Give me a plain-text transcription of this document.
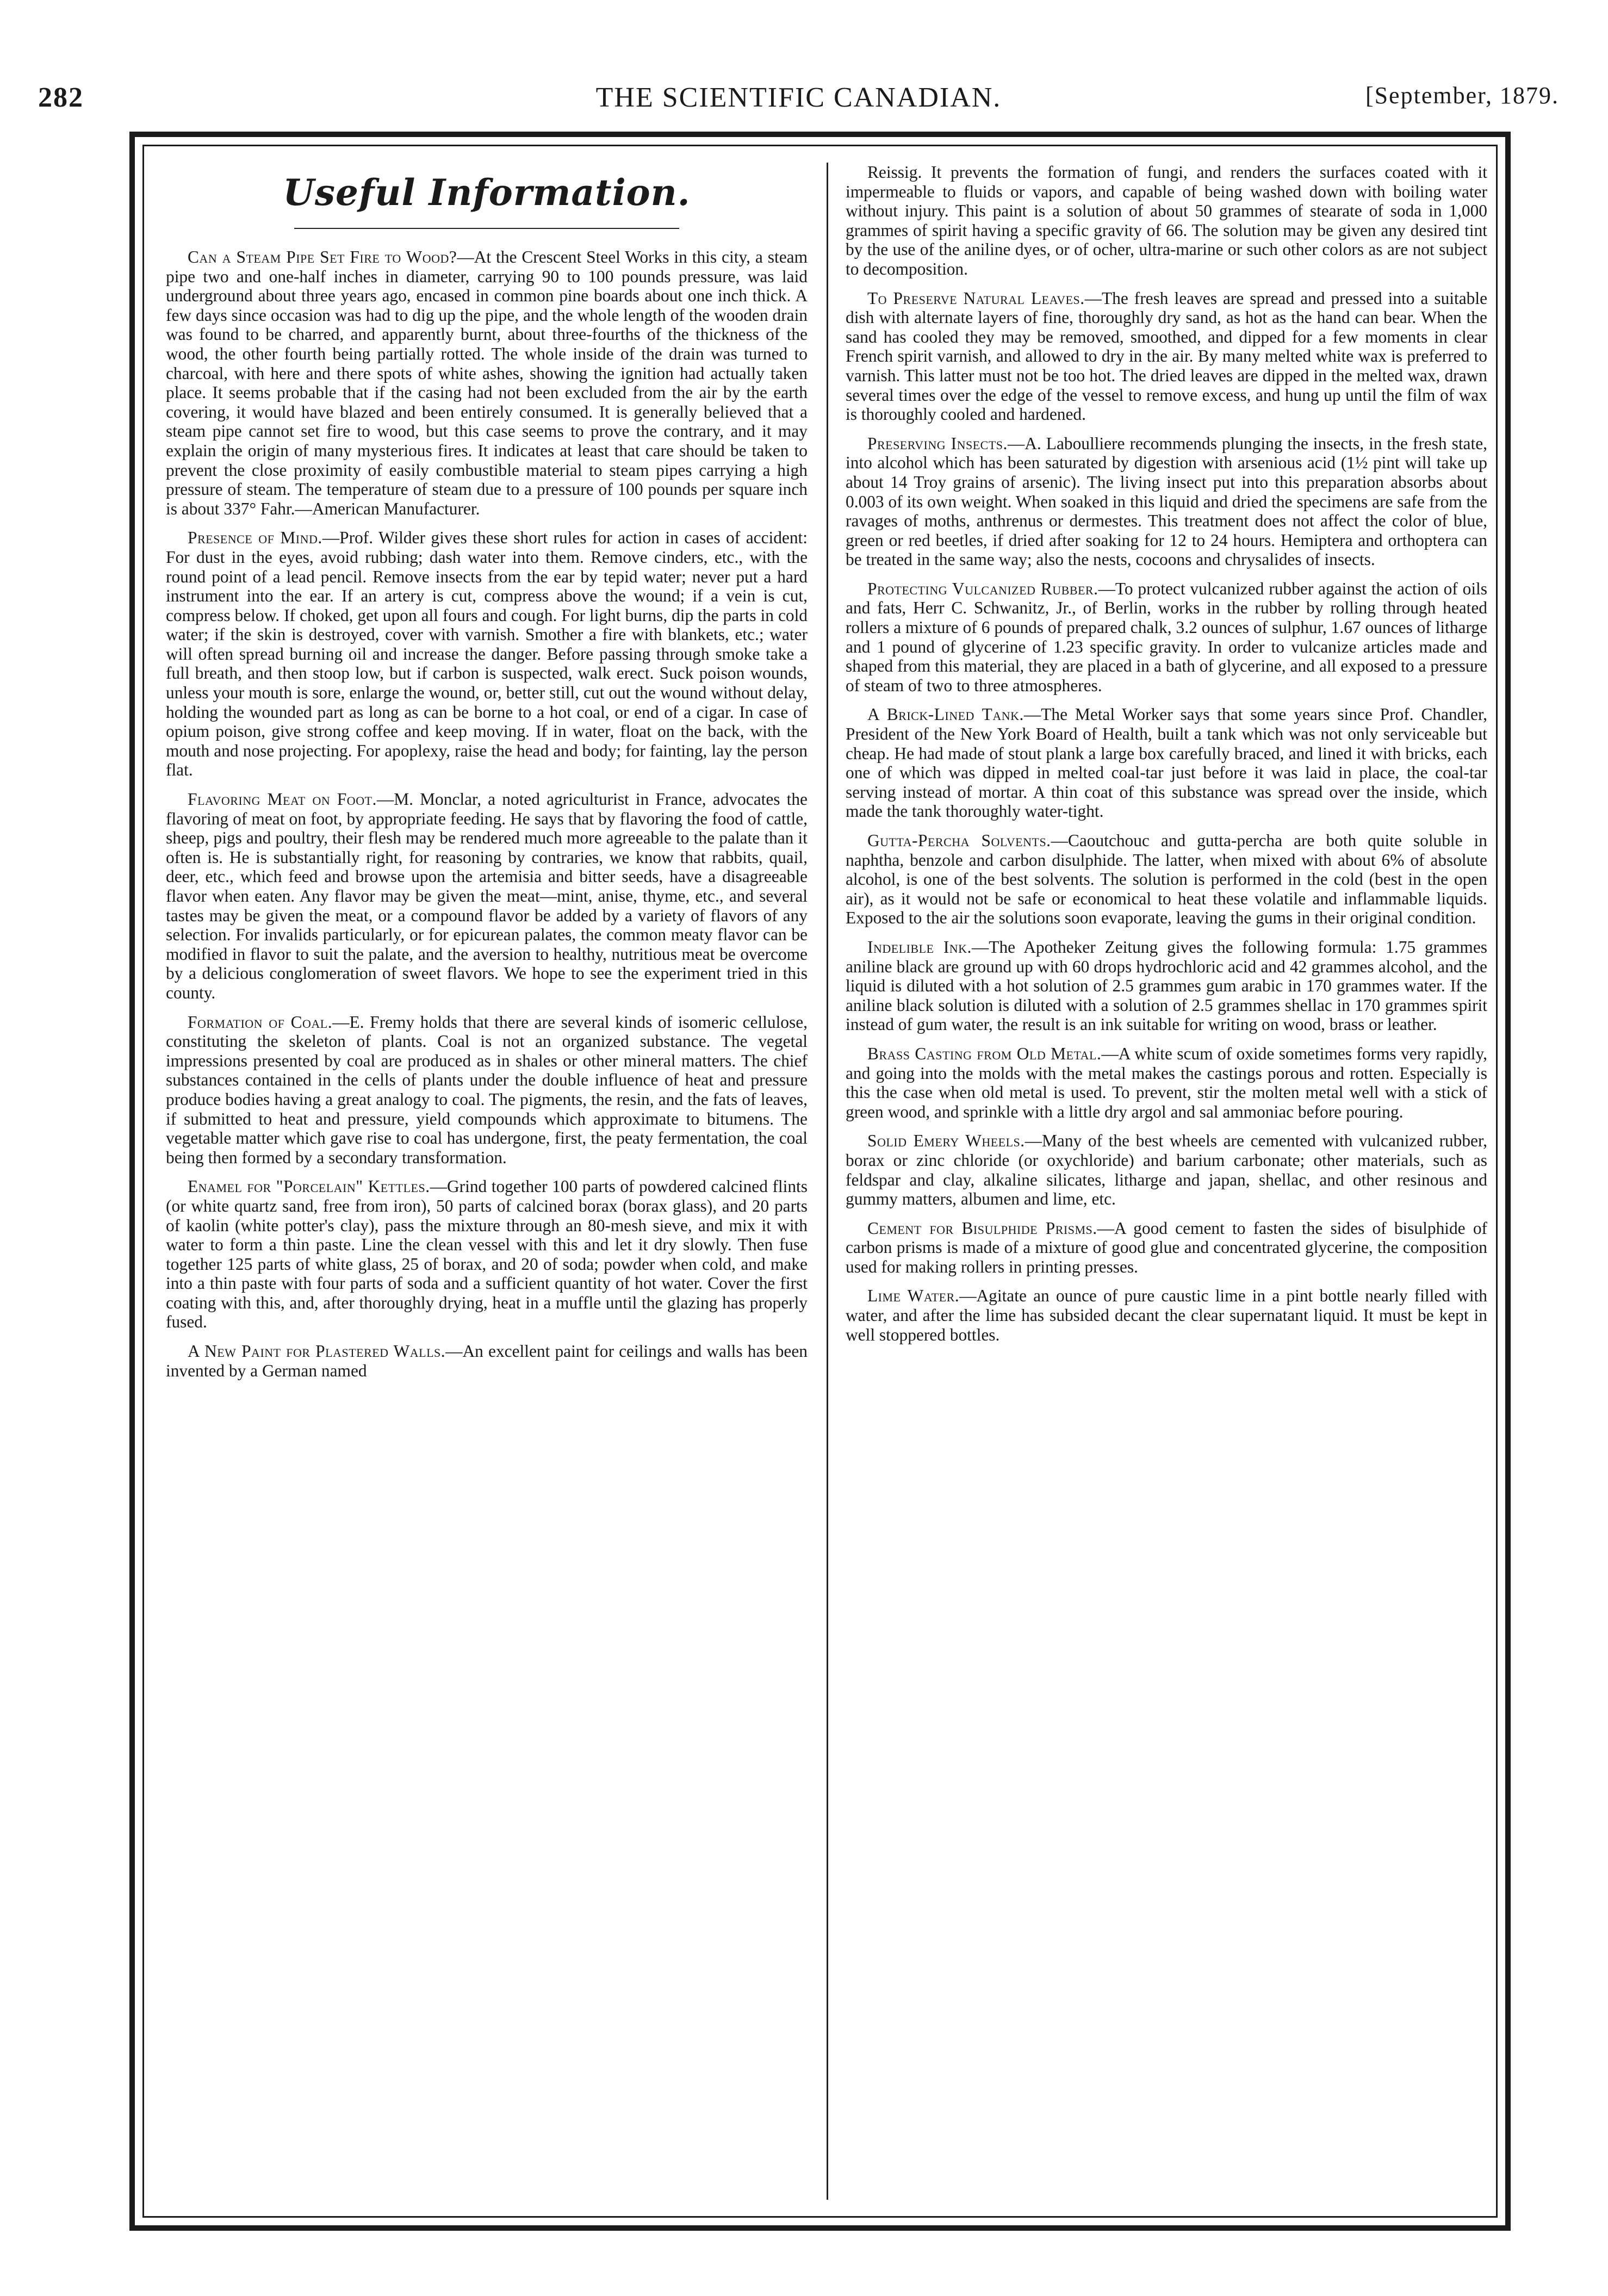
282	THE SCIENTIFIC CANADIAN.	[September, 1879.
Useful Information.

Can a Steam Pipe Set Fire to Wood?—At the Crescent Steel Works in this city, a steam pipe two and one-half inches in diameter, carrying 90 to 100 pounds pressure, was laid underground about three years ago, encased in common pine boards about one inch thick. A few days since occasion was had to dig up the pipe, and the whole length of the wooden drain was found to be charred, and apparently burnt, about three-fourths of the thickness of the wood, the other fourth being partially rotted. The whole inside of the drain was turned to charcoal, with here and there spots of white ashes, showing the ignition had actually taken place. It seems probable that if the casing had not been excluded from the air by the earth covering, it would have blazed and been entirely consumed. It is generally believed that a steam pipe cannot set fire to wood, but this case seems to prove the contrary, and it may explain the origin of many mysterious fires. It indicates at least that care should be taken to prevent the close proximity of easily combustible material to steam pipes carrying a high pressure of steam. The temperature of steam due to a pressure of 100 pounds per square inch is about 337° Fahr.—American Manufacturer.

Presence of Mind.—Prof. Wilder gives these short rules for action in cases of accident: For dust in the eyes, avoid rubbing; dash water into them. Remove cinders, etc., with the round point of a lead pencil. Remove insects from the ear by tepid water; never put a hard instrument into the ear. If an artery is cut, compress above the wound; if a vein is cut, compress below. If choked, get upon all fours and cough. For light burns, dip the parts in cold water; if the skin is destroyed, cover with varnish. Smother a fire with blankets, etc.; water will often spread burning oil and increase the danger. Before passing through smoke take a full breath, and then stoop low, but if carbon is suspected, walk erect. Suck poison wounds, unless your mouth is sore, enlarge the wound, or, better still, cut out the wound without delay, holding the wounded part as long as can be borne to a hot coal, or end of a cigar. In case of opium poison, give strong coffee and keep moving. If in water, float on the back, with the mouth and nose projecting. For apoplexy, raise the head and body; for fainting, lay the person flat.

Flavoring Meat on Foot.—M. Monclar, a noted agriculturist in France, advocates the flavoring of meat on foot, by appropriate feeding. He says that by flavoring the food of cattle, sheep, pigs and poultry, their flesh may be rendered much more agreeable to the palate than it often is. He is substantially right, for reasoning by contraries, we know that rabbits, quail, deer, etc., which feed and browse upon the artemisia and bitter seeds, have a disagreeable flavor when eaten. Any flavor may be given the meat—mint, anise, thyme, etc., and several tastes may be given the meat, or a compound flavor be added by a variety of flavors of any selection. For invalids particularly, or for epicurean palates, the common meaty flavor can be modified in flavor to suit the palate, and the aversion to healthy, nutritious meat be overcome by a delicious conglomeration of sweet flavors. We hope to see the experiment tried in this county.

Formation of Coal.—E. Fremy holds that there are several kinds of isomeric cellulose, constituting the skeleton of plants. Coal is not an organized substance. The vegetal impressions presented by coal are produced as in shales or other mineral matters. The chief substances contained in the cells of plants under the double influence of heat and pressure produce bodies having a great analogy to coal. The pigments, the resin, and the fats of leaves, if submitted to heat and pressure, yield compounds which approximate to bitumens. The vegetable matter which gave rise to coal has undergone, first, the peaty fermentation, the coal being then formed by a secondary transformation.

Enamel for "Porcelain" Kettles.—Grind together 100 parts of powdered calcined flints (or white quartz sand, free from iron), 50 parts of calcined borax (borax glass), and 20 parts of kaolin (white potter's clay), pass the mixture through an 80-mesh sieve, and mix it with water to form a thin paste. Line the clean vessel with this and let it dry slowly. Then fuse together 125 parts of white glass, 25 of borax, and 20 of soda; powder when cold, and make into a thin paste with four parts of soda and a sufficient quantity of hot water. Cover the first coating with this, and, after thoroughly drying, heat in a muffle until the glazing has properly fused.

A New Paint for Plastered Walls.—An excellent paint for ceilings and walls has been invented by a German named

Reissig. It prevents the formation of fungi, and renders the surfaces coated with it impermeable to fluids or vapors, and capable of being washed down with boiling water without injury. This paint is a solution of about 50 grammes of stearate of soda in 1,000 grammes of spirit having a specific gravity of 66. The solution may be given any desired tint by the use of the aniline dyes, or of ocher, ultra-marine or such other colors as are not subject to decomposition.

To Preserve Natural Leaves.—The fresh leaves are spread and pressed into a suitable dish with alternate layers of fine, thoroughly dry sand, as hot as the hand can bear. When the sand has cooled they may be removed, smoothed, and dipped for a few moments in clear French spirit varnish, and allowed to dry in the air. By many melted white wax is preferred to varnish. This latter must not be too hot. The dried leaves are dipped in the melted wax, drawn several times over the edge of the vessel to remove excess, and hung up until the film of wax is thoroughly cooled and hardened.

Preserving Insects.—A. Laboulliere recommends plunging the insects, in the fresh state, into alcohol which has been saturated by digestion with arsenious acid (1½ pint will take up about 14 Troy grains of arsenic). The living insect put into this preparation absorbs about 0.003 of its own weight. When soaked in this liquid and dried the specimens are safe from the ravages of moths, anthrenus or dermestes. This treatment does not affect the color of blue, green or red beetles, if dried after soaking for 12 to 24 hours. Hemiptera and orthoptera can be treated in the same way; also the nests, cocoons and chrysalides of insects.

Protecting Vulcanized Rubber.—To protect vulcanized rubber against the action of oils and fats, Herr C. Schwanitz, Jr., of Berlin, works in the rubber by rolling through heated rollers a mixture of 6 pounds of prepared chalk, 3.2 ounces of sulphur, 1.67 ounces of litharge and 1 pound of glycerine of 1.23 specific gravity. In order to vulcanize articles made and shaped from this material, they are placed in a bath of glycerine, and all exposed to a pressure of steam of two to three atmospheres.

A Brick-Lined Tank.—The Metal Worker says that some years since Prof. Chandler, President of the New York Board of Health, built a tank which was not only serviceable but cheap. He had made of stout plank a large box carefully braced, and lined it with bricks, each one of which was dipped in melted coal-tar just before it was laid in place, the coal-tar serving instead of mortar. A thin coat of this substance was spread over the inside, which made the tank thoroughly water-tight.

Gutta-Percha Solvents.—Caoutchouc and gutta-percha are both quite soluble in naphtha, benzole and carbon disulphide. The latter, when mixed with about 6% of absolute alcohol, is one of the best solvents. The solution is performed in the cold (best in the open air), as it would not be safe or economical to heat these volatile and inflammable liquids. Exposed to the air the solutions soon evaporate, leaving the gums in their original condition.

Indelible Ink.—The Apotheker Zeitung gives the following formula: 1.75 grammes aniline black are ground up with 60 drops hydrochloric acid and 42 grammes alcohol, and the liquid is diluted with a hot solution of 2.5 grammes gum arabic in 170 grammes water. If the aniline black solution is diluted with a solution of 2.5 grammes shellac in 170 grammes spirit instead of gum water, the result is an ink suitable for writing on wood, brass or leather.

Brass Casting from Old Metal.—A white scum of oxide sometimes forms very rapidly, and going into the molds with the metal makes the castings porous and rotten. Especially is this the case when old metal is used. To prevent, stir the molten metal well with a stick of green wood, and sprinkle with a little dry argol and sal ammoniac before pouring.

Solid Emery Wheels.—Many of the best wheels are cemented with vulcanized rubber, borax or zinc chloride (or oxychloride) and barium carbonate; other materials, such as feldspar and clay, alkaline silicates, litharge and japan, shellac, and other resinous and gummy matters, albumen and lime, etc.

Cement for Bisulphide Prisms.—A good cement to fasten the sides of bisulphide of carbon prisms is made of a mixture of good glue and concentrated glycerine, the composition used for making rollers in printing presses.

Lime Water.—Agitate an ounce of pure caustic lime in a pint bottle nearly filled with water, and after the lime has subsided decant the clear supernatant liquid. It must be kept in well stoppered bottles.
